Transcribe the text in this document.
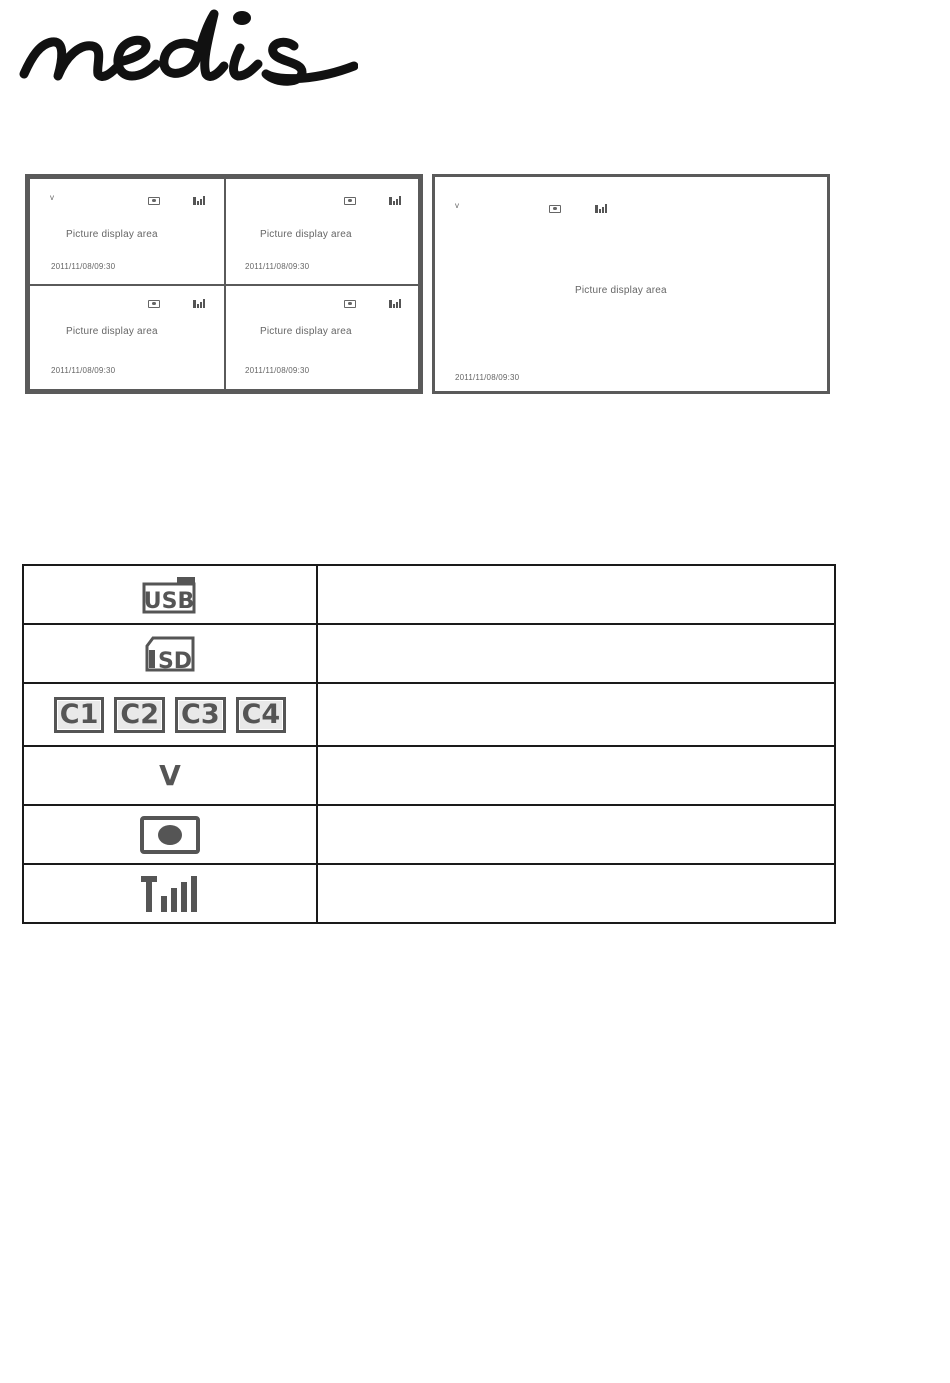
nedis
v
Picture display area
2011/11/08/09:30
Picture display area
2011/11/08/09:30
Picture display area
2011/11/08/09:30
Picture display area
2011/11/08/09:30
v
Picture display area
2011/11/08/09:30
USB	

SD	

C1 C2 C3 C4	
V	
